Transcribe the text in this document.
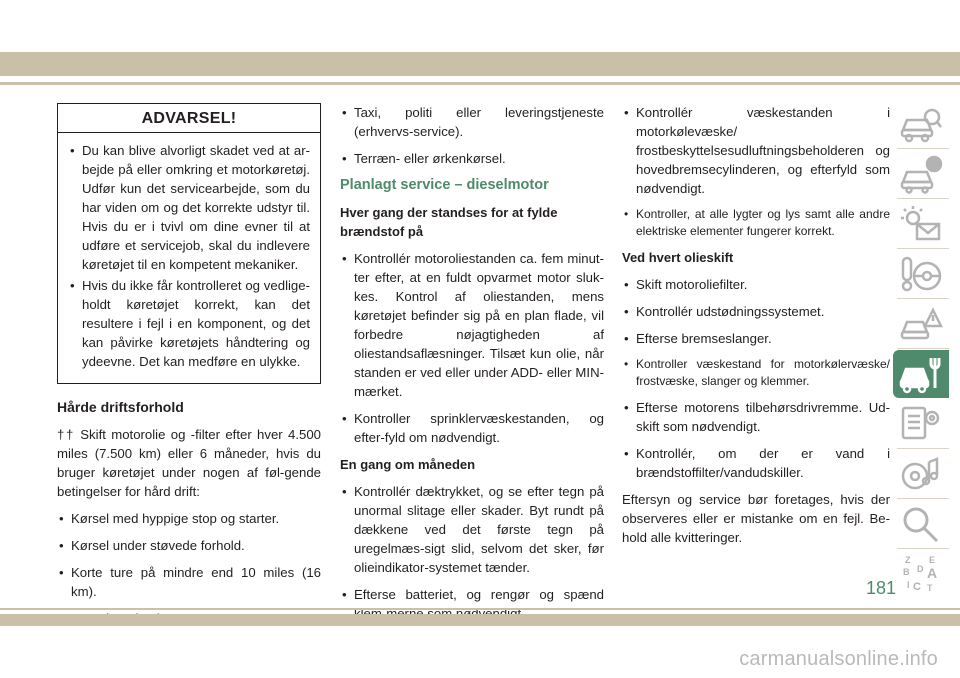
ADVARSEL!
• Du kan blive alvorligt skadet ved at ar-bejde på eller omkring et motorkøretøj. Udfør kun det servicearbejde, som du har viden om og det korrekte udstyr til. Hvis du er i tvivl om dine evner til at udføre et servicejob, skal du indlevere køretøjet til en kompetent mekaniker.
• Hvis du ikke får kontrolleret og vedlige-holdt køretøjet korrekt, kan det resultere i fejl i en komponent, og det kan påvirke køretøjets håndtering og ydeevne. Det kan medføre en ulykke.
Hårde driftsforhold

†† Skift motorolie og -filter efter hver 4.500 miles (7.500 km) eller 6 måneder, hvis du bruger køretøjet under nogen af føl-gende betingelser for hård drift:

• Kørsel med hyppige stop og starter.
• Kørsel under støvede forhold.
• Korte ture på mindre end 10 miles (16 km).
•
• Taxi, politi eller leveringstjeneste (erhvervs-service).
• Terræn- eller ørkenkørsel.
Planlagt service – dieselmotor
Hver gang der standses for at fylde brændstof på
• Kontrollér motoroliestanden ca. fem minut-ter efter, at en fuldt opvarmet motor sluk-kes. Kontrol af oliestanden, mens køretøjet befinder sig på en plan flade, vil forbedre nøjagtigheden af oliestandsaflæsninger. Tilsæt kun olie, når standen er ved eller under ADD- eller MIN-mærket.
• Kontroller sprinklervæskestanden, og efter-fyld om nødvendigt.
En gang om måneden
• Kontrollér dæktrykket, og se efter tegn på unormal slitage eller skader. Byt rundt på dækkene ved det første tegn på uregelmæs-sigt slid, selvom det sker, før olieindikator-systemet tænder.
• Efterse batteriet, og rengør og spænd
• Kontrollér væskestanden i motorkølevæske/ frostbeskyttelsesudluftningsbeholderen og hovedbremsecylinderen, og efterfyld som nødvendigt.
• Kontroller, at alle lygter og lys samt alle andre elektriske elementer fungerer korrekt.
Ved hvert olieskift
• Skift motoroliefilter.
• Kontrollér udstødningssystemet.
• Efterse bremseslanger.
• Kontroller væskestand for motorkølervæske/ frostvæske, slanger og klemmer.
• Efterse motorens tilbehørsdrivremme. Ud-skift som nødvendigt.
• Kontrollér, om der er vand i brændstoffilter/vandudskiller.

Eftersyn og service bør foretages, hvis der observeres eller er mistanke om en fejl. Be-hold alle kvitteringer.

Z E
B A
D
I C T
181
carmanualsonline.info
